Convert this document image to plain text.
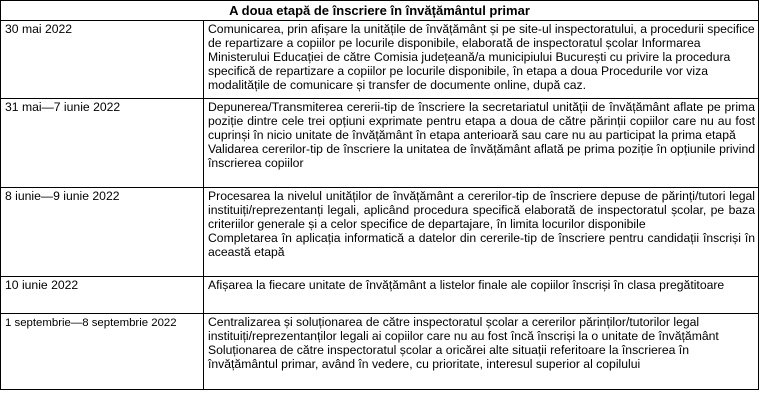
A doua etapă de înscriere în învățământul primar	
30 mai 2022	Comunicarea, prin afișare la unitățile de învățământ și pe site-ul inspectoratului, a procedurii specifice de repartizare a copiilor pe locurile disponibile, elaborată de inspectoratul școlar Informarea Ministerului Educației de către Comisia județeană/a municipiului București cu privire la procedura specifică de repartizare a copiilor pe locurile disponibile, în etapa a doua Procedurile vor viza modalitățile de comunicare și transfer de documente online, după caz.

31 mai—7 iunie 2022	Depunerea/Transmiterea cererii-tip de înscriere la secretariatul unității de învățământ aflate pe prima poziție dintre cele trei opțiuni exprimate pentru etapa a doua de către părinții copiilor care nu au fost cuprinși în nicio unitate de învățământ în etapa anterioară sau care nu au participat la prima etapă
Validarea cererilor-tip de înscriere la unitatea de învățământ aflată pe prima poziție în opțiunile privind înscrierea copiilor

8 iunie—9 iunie 2022	Procesarea la nivelul unităților de învățământ a cererilor-tip de înscriere depuse de părinți/tutori legal instituiți/reprezentanți legali, aplicând procedura specifică elaborată de inspectoratul școlar, pe baza criteriilor generale și a celor specifice de departajare, în limita locurilor disponibile
Completarea în aplicația informatică a datelor din cererile-tip de înscriere pentru candidații înscriși în această etapă

10 iunie 2022	Afișarea la fiecare unitate de învățământ a listelor finale ale copiilor înscriși în clasa pregătitoare

1 septembrie—8 septembrie 2022	Centralizarea și soluționarea de către inspectoratul școlar a cererilor părinților/tutorilor legal instituiți/reprezentanților legali ai copiilor care nu au fost încă înscriși la o unitate de învățământ
Soluționarea de către inspectoratul școlar a oricărei alte situații referitoare la înscrierea în învățământul primar, având în vedere, cu prioritate, interesul superior al copilului
